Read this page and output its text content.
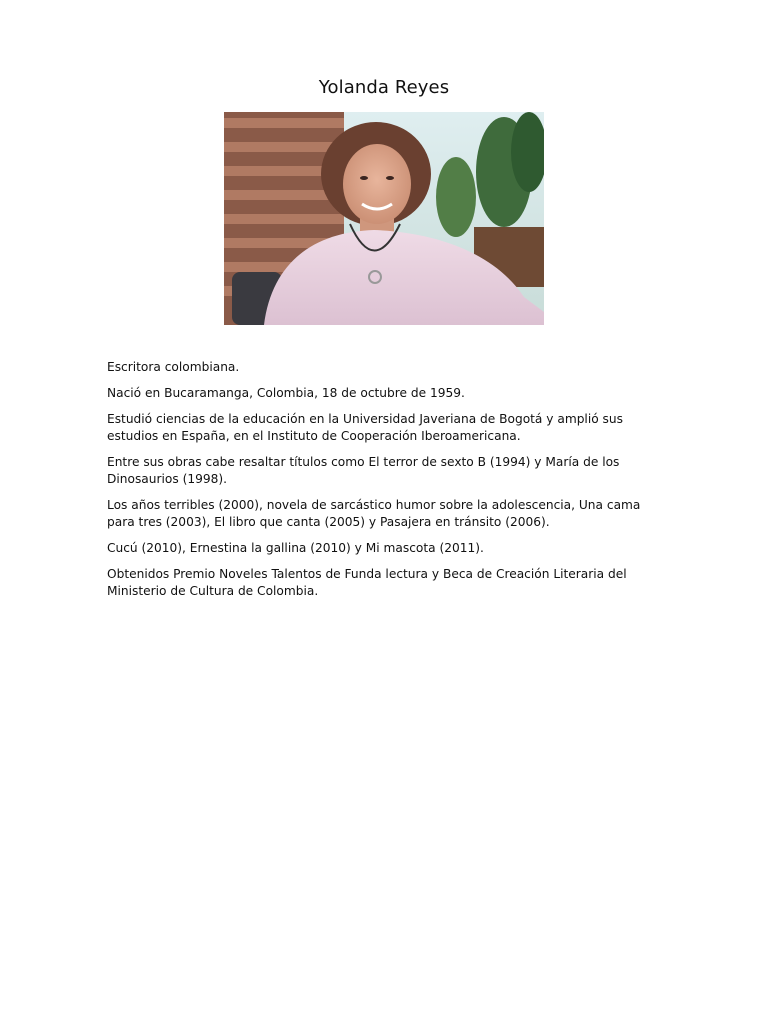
Yolanda Reyes

Escritora colombiana.

Nació en Bucaramanga, Colombia, 18 de octubre de 1959.

Estudió ciencias de la educación en la Universidad Javeriana de Bogotá y amplió sus estudios en España, en el Instituto de Cooperación Iberoamericana.

Entre sus obras cabe resaltar títulos como El terror de sexto B (1994) y María de los Dinosaurios (1998).

Los años terribles (2000), novela de sarcástico humor sobre la adolescencia, Una cama para tres (2003), El libro que canta (2005) y Pasajera en tránsito (2006).

Cucú (2010), Ernestina la gallina (2010) y Mi mascota (2011).

Obtenidos Premio Noveles Talentos de Funda lectura y Beca de Creación Literaria del Ministerio de Cultura de Colombia.
